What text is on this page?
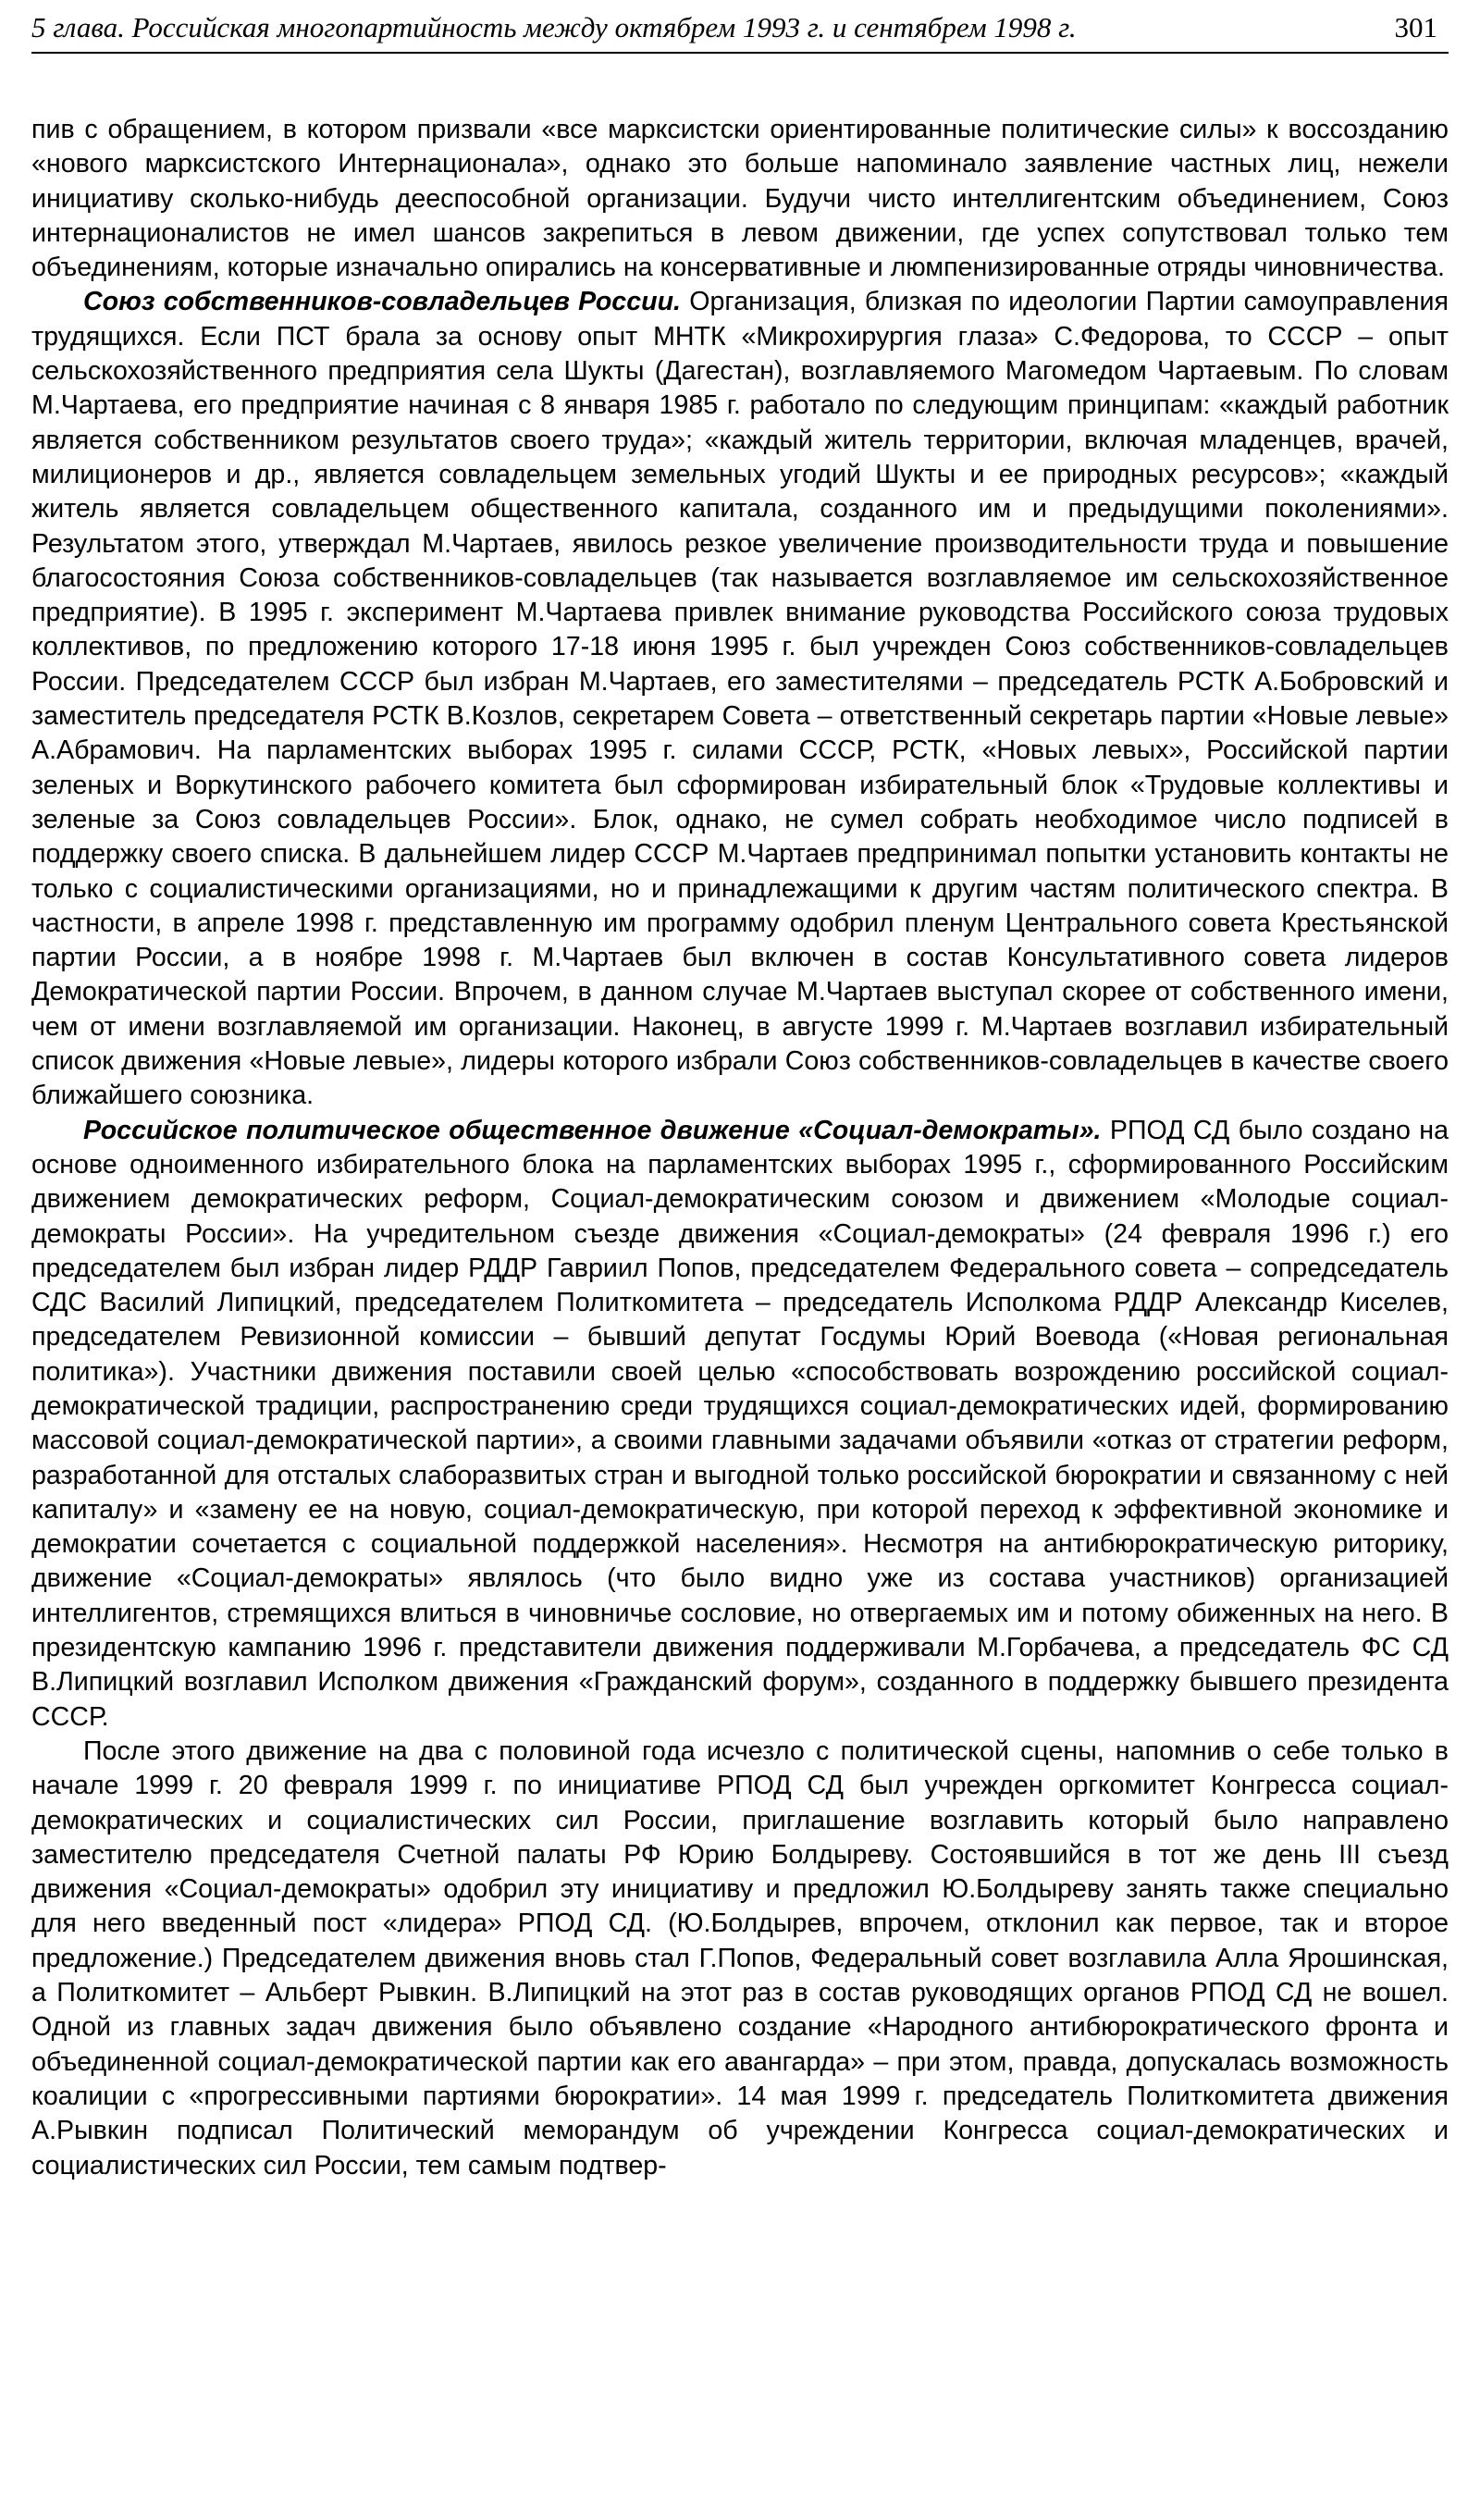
5 глава. Российская многопартийность между октябрем 1993 г. и сентябрем 1998 г.	301

пив с обращением, в котором призвали «все марксистски ориентированные политические силы» к воссозданию «нового марксистского Интернационала», однако это больше напоминало заявление частных лиц, нежели инициативу сколько-нибудь дееспособной организации. Будучи чисто интеллигентским объединением, Союз интернационалистов не имел шансов закрепиться в левом движении, где успех сопутствовал только тем объединениям, которые изначально опирались на консервативные и люмпенизированные отряды чиновничества.

Союз собственников-совладельцев России. Организация, близкая по идеологии Партии самоуправления трудящихся. Если ПСТ брала за основу опыт МНТК «Микрохирургия глаза» С.Федорова, то СССР – опыт сельскохозяйственного предприятия села Шукты (Дагестан), возглавляемого Магомедом Чартаевым. По словам М.Чартаева, его предприятие начиная с 8 января 1985 г. работало по следующим принципам: «каждый работник является собственником результатов своего труда»; «каждый житель территории, включая младенцев, врачей, милиционеров и др., является совладельцем земельных угодий Шукты и ее природных ресурсов»; «каждый житель является совладельцем общественного капитала, созданного им и предыдущими поколениями». Результатом этого, утверждал М.Чартаев, явилось резкое увеличение производительности труда и повышение благосостояния Союза собственников-совладельцев (так называется возглавляемое им сельскохозяйственное предприятие). В 1995 г. эксперимент М.Чартаева привлек внимание руководства Российского союза трудовых коллективов, по предложению которого 17-18 июня 1995 г. был учрежден Союз собственников-совладельцев России. Председателем СССР был избран М.Чартаев, его заместителями – председатель РСТК А.Бобровский и заместитель председателя РСТК В.Козлов, секретарем Совета – ответственный секретарь партии «Новые левые» А.Абрамович. На парламентских выборах 1995 г. силами СССР, РСТК, «Новых левых», Российской партии зеленых и Воркутинского рабочего комитета был сформирован избирательный блок «Трудовые коллективы и зеленые за Союз совладельцев России». Блок, однако, не сумел собрать необходимое число подписей в поддержку своего списка. В дальнейшем лидер СССР М.Чартаев предпринимал попытки установить контакты не только с социалистическими организациями, но и принадлежащими к другим частям политического спектра. В частности, в апреле 1998 г. представленную им программу одобрил пленум Центрального совета Крестьянской партии России, а в ноябре 1998 г. М.Чартаев был включен в состав Консультативного совета лидеров Демократической партии России. Впрочем, в данном случае М.Чартаев выступал скорее от собственного имени, чем от имени возглавляемой им организации. Наконец, в августе 1999 г. М.Чартаев возглавил избирательный список движения «Новые левые», лидеры которого избрали Союз собственников-совладельцев в качестве своего ближайшего союзника.

Российское политическое общественное движение «Социал-демократы». РПОД СД было создано на основе одноименного избирательного блока на парламентских выборах 1995 г., сформированного Российским движением демократических реформ, Социал-демократическим союзом и движением «Молодые социал-демократы России». На учредительном съезде движения «Социал-демократы» (24 февраля 1996 г.) его председателем был избран лидер РДДР Гавриил Попов, председателем Федерального совета – сопредседатель СДС Василий Липицкий, председателем Политкомитета – председатель Исполкома РДДР Александр Киселев, председателем Ревизионной комиссии – бывший депутат Госдумы Юрий Воевода («Новая региональная политика»). Участники движения поставили своей целью «способствовать возрождению российской социал-демократической традиции, распространению среди трудящихся социал-демократических идей, формированию массовой социал-демократической партии», а своими главными задачами объявили «отказ от стратегии реформ, разработанной для отсталых слаборазвитых стран и выгодной только российской бюрократии и связанному с ней капиталу» и «замену ее на новую, социал-демократическую, при которой переход к эффективной экономике и демократии сочетается с социальной поддержкой населения». Несмотря на антибюрократическую риторику, движение «Социал-демократы» являлось (что было видно уже из состава участников) организацией интеллигентов, стремящихся влиться в чиновничье сословие, но отвергаемых им и потому обиженных на него. В президентскую кампанию 1996 г. представители движения поддерживали М.Горбачева, а председатель ФС СД В.Липицкий возглавил Исполком движения «Гражданский форум», созданного в поддержку бывшего президента СССР.

После этого движение на два с половиной года исчезло с политической сцены, напомнив о себе только в начале 1999 г. 20 февраля 1999 г. по инициативе РПОД СД был учрежден оргкомитет Конгресса социал-демократических и социалистических сил России, приглашение возглавить который было направлено заместителю председателя Счетной палаты РФ Юрию Болдыреву. Состоявшийся в тот же день III съезд движения «Социал-демократы» одобрил эту инициативу и предложил Ю.Болдыреву занять также специально для него введенный пост «лидера» РПОД СД. (Ю.Болдырев, впрочем, отклонил как первое, так и второе предложение.) Председателем движения вновь стал Г.Попов, Федеральный совет возглавила Алла Ярошинская, а Политкомитет – Альберт Рывкин. В.Липицкий на этот раз в состав руководящих органов РПОД СД не вошел. Одной из главных задач движения было объявлено создание «Народного антибюрократического фронта и объединенной социал-демократической партии как его авангарда» – при этом, правда, допускалась возможность коалиции с «прогрессивными партиями бюрократии». 14 мая 1999 г. председатель Политкомитета движения А.Рывкин подписал Политический меморандум об учреждении Конгресса социал-демократических и социалистических сил России, тем самым подтвер-
